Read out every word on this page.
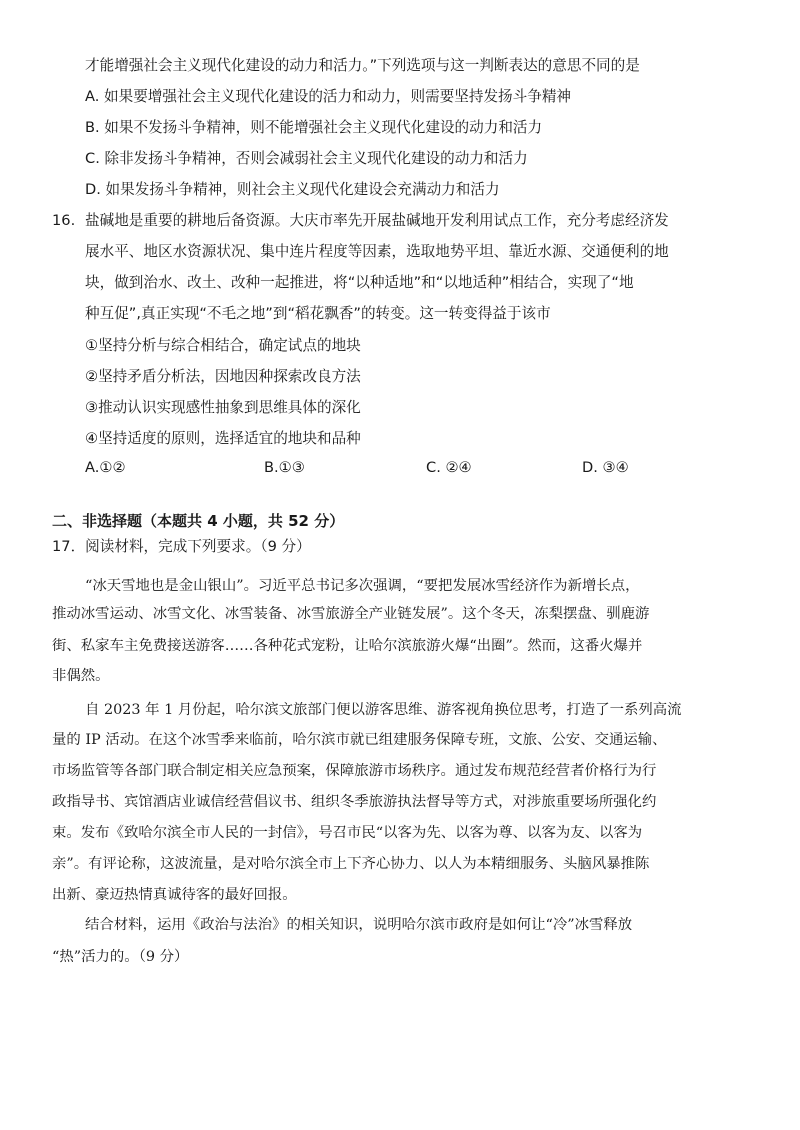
才能增强社会主义现代化建设的动力和活力。”下列选项与这一判断表达的意思不同的是
A. 如果要增强社会主义现代化建设的活力和动力，则需要坚持发扬斗争精神
B. 如果不发扬斗争精神，则不能增强社会主义现代化建设的动力和活力
C. 除非发扬斗争精神，否则会减弱社会主义现代化建设的动力和活力
D. 如果发扬斗争精神，则社会主义现代化建设会充满动力和活力
16. 盐碱地是重要的耕地后备资源。大庆市率先开展盐碱地开发利用试点工作，充分考虑经济发
展水平、地区水资源状况、集中连片程度等因素，选取地势平坦、靠近水源、交通便利的地
块，做到治水、改土、改种一起推进，将“以种适地”和“以地适种”相结合，实现了“地
种互促”,真正实现“不毛之地”到“稻花飘香”的转变。这一转变得益于该市
①坚持分析与综合相结合，确定试点的地块
②坚持矛盾分析法，因地因种探索改良方法
③推动认识实现感性抽象到思维具体的深化
④坚持适度的原则，选择适宜的地块和品种
A.①②	B.①③	C. ②④	D. ③④
二、非选择题（本题共 4 小题，共 52 分）
17．阅读材料，完成下列要求。（9 分）
“冰天雪地也是金山银山”。习近平总书记多次强调，“要把发展冰雪经济作为新增长点，
推动冰雪运动、冰雪文化、冰雪装备、冰雪旅游全产业链发展”。这个冬天，冻梨摆盘、驯鹿游
街、私家车主免费接送游客……各种花式宠粉，让哈尔滨旅游火爆“出圈”。然而，这番火爆并
非偶然。
自 2023 年 1 月份起，哈尔滨文旅部门便以游客思维、游客视角换位思考，打造了一系列高流
量的 IP 活动。在这个冰雪季来临前，哈尔滨市就已组建服务保障专班，文旅、公安、交通运输、
市场监管等各部门联合制定相关应急预案，保障旅游市场秩序。通过发布规范经营者价格行为行
政指导书、宾馆酒店业诚信经营倡议书、组织冬季旅游执法督导等方式，对涉旅重要场所强化约
束。发布《致哈尔滨全市人民的一封信》，号召市民“以客为先、以客为尊、以客为友、以客为
亲”。有评论称，这波流量，是对哈尔滨全市上下齐心协力、以人为本精细服务、头脑风暴推陈
出新、豪迈热情真诚待客的最好回报。
结合材料，运用《政治与法治》的相关知识，说明哈尔滨市政府是如何让“冷”冰雪释放
“热”活力的。（9 分）
